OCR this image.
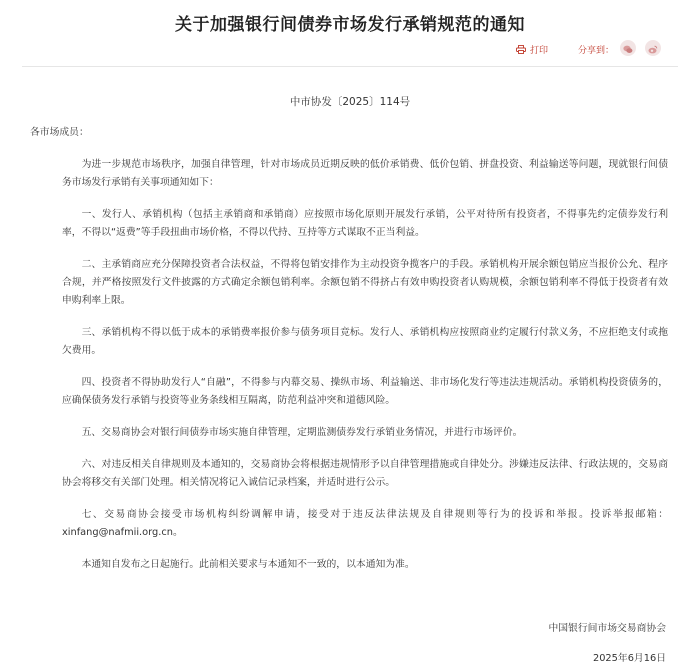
关于加强银行间债券市场发行承销规范的通知
打印	分享到：
中市协发〔2025〕114号

各市场成员：

为进一步规范市场秩序，加强自律管理，针对市场成员近期反映的低价承销费、低价包销、拼盘投资、利益输送等问题，现就银行间债务市场发行承销有关事项通知如下：

一、发行人、承销机构（包括主承销商和承销商）应按照市场化原则开展发行承销，公平对待所有投资者，不得事先约定债券发行利率，不得以“返费”等手段扭曲市场价格，不得以代持、互持等方式谋取不正当利益。

二、主承销商应充分保障投资者合法权益，不得将包销安排作为主动投资争揽客户的手段。承销机构开展余额包销应当报价公允、程序合规，并严格按照发行文件披露的方式确定余额包销利率。余额包销不得挤占有效申购投资者认购规模，余额包销利率不得低于投资者有效申购利率上限。

三、承销机构不得以低于成本的承销费率报价参与债务项目竞标。发行人、承销机构应按照商业约定履行付款义务，不应拒绝支付或拖欠费用。

四、投资者不得协助发行人“自融”，不得参与内幕交易、操纵市场、利益输送、非市场化发行等违法违规活动。承销机构投资债务的，应确保债务发行承销与投资等业务条线相互隔离，防范利益冲突和道德风险。

五、交易商协会对银行间债券市场实施自律管理，定期监测债券发行承销业务情况，并进行市场评价。

六、对违反相关自律规则及本通知的，交易商协会将根据违规情形予以自律管理措施或自律处分。涉嫌违反法律、行政法规的，交易商协会将移交有关部门处理。相关情况将记入诚信记录档案，并适时进行公示。

七、交易商协会接受市场机构纠纷调解申请，接受对于违反法律法规及自律规则等行为的投诉和举报。投诉举报邮箱：xinfang@nafmii.org.cn。

本通知自发布之日起施行。此前相关要求与本通知不一致的，以本通知为准。

中国银行间市场交易商协会
2025年6月16日
